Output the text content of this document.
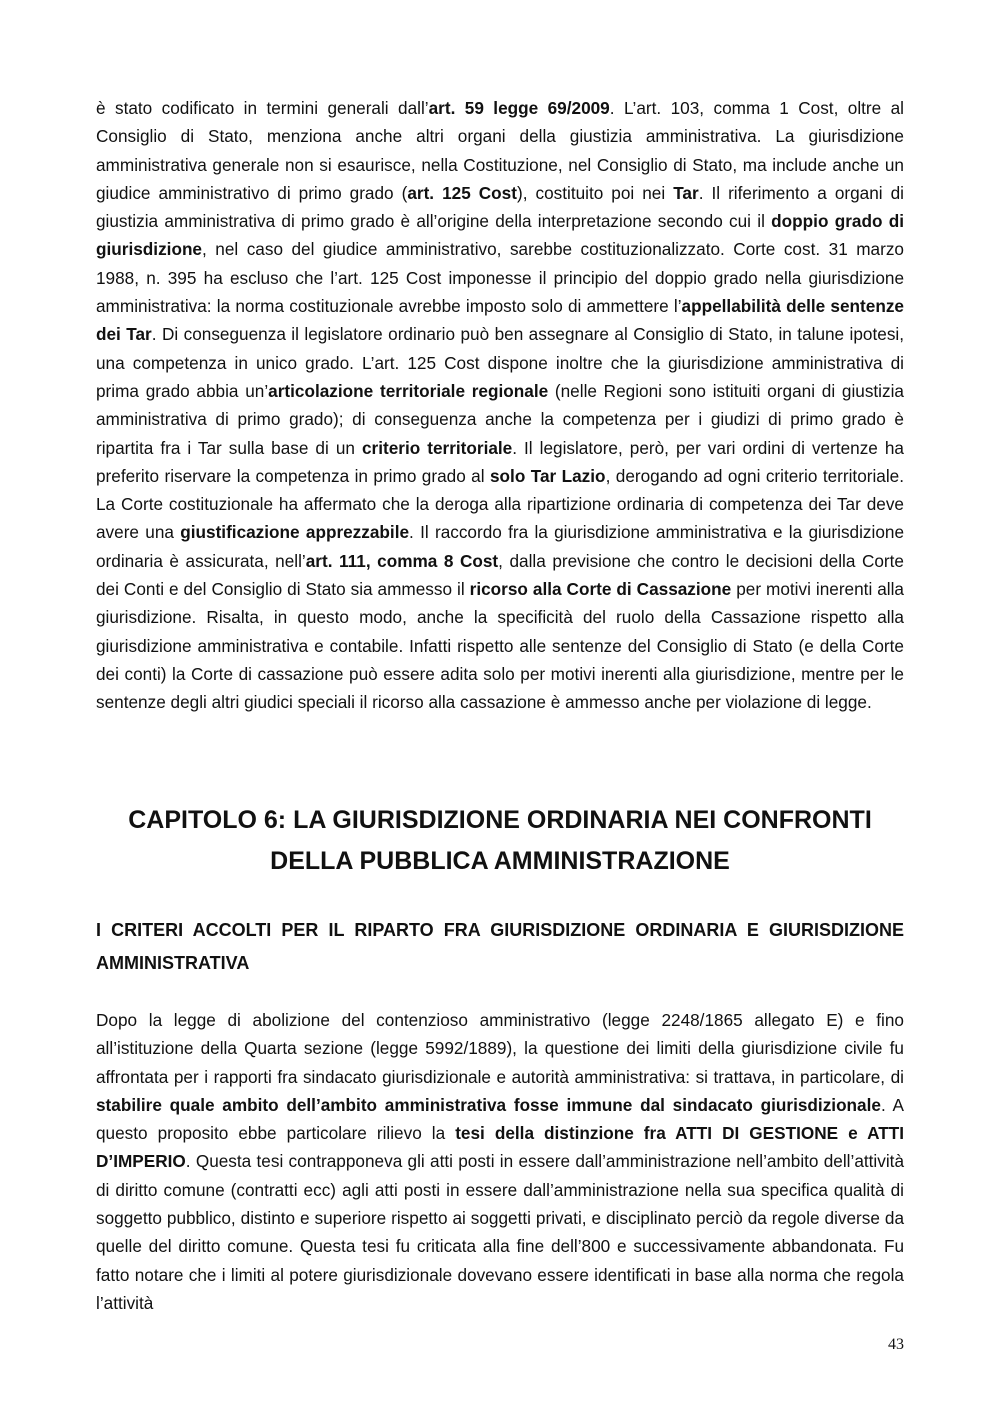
è stato codificato in termini generali dall’art. 59 legge 69/2009. L’art. 103, comma 1 Cost, oltre al Consiglio di Stato, menziona anche altri organi della giustizia amministrativa. La giurisdizione amministrativa generale non si esaurisce, nella Costituzione, nel Consiglio di Stato, ma include anche un giudice amministrativo di primo grado (art. 125 Cost), costituito poi nei Tar. Il riferimento a organi di giustizia amministrativa di primo grado è all’origine della interpretazione secondo cui il doppio grado di giurisdizione, nel caso del giudice amministrativo, sarebbe costituzionalizzato. Corte cost. 31 marzo 1988, n. 395 ha escluso che l’art. 125 Cost imponesse il principio del doppio grado nella giurisdizione amministrativa: la norma costituzionale avrebbe imposto solo di ammettere l’appellabilità delle sentenze dei Tar. Di conseguenza il legislatore ordinario può ben assegnare al Consiglio di Stato, in talune ipotesi, una competenza in unico grado. L’art. 125 Cost dispone inoltre che la giurisdizione amministrativa di prima grado abbia un’articolazione territoriale regionale (nelle Regioni sono istituiti organi di giustizia amministrativa di primo grado); di conseguenza anche la competenza per i giudizi di primo grado è ripartita fra i Tar sulla base di un criterio territoriale. Il legislatore, però, per vari ordini di vertenze ha preferito riservare la competenza in primo grado al solo Tar Lazio, derogando ad ogni criterio territoriale. La Corte costituzionale ha affermato che la deroga alla ripartizione ordinaria di competenza dei Tar deve avere una giustificazione apprezzabile. Il raccordo fra la giurisdizione amministrativa e la giurisdizione ordinaria è assicurata, nell’art. 111, comma 8 Cost, dalla previsione che contro le decisioni della Corte dei Conti e del Consiglio di Stato sia ammesso il ricorso alla Corte di Cassazione per motivi inerenti alla giurisdizione. Risalta, in questo modo, anche la specificità del ruolo della Cassazione rispetto alla giurisdizione amministrativa e contabile. Infatti rispetto alle sentenze del Consiglio di Stato (e della Corte dei conti) la Corte di cassazione può essere adita solo per motivi inerenti alla giurisdizione, mentre per le sentenze degli altri giudici speciali il ricorso alla cassazione è ammesso anche per violazione di legge.

CAPITOLO 6: LA GIURISDIZIONE ORDINARIA NEI CONFRONTI
DELLA PUBBLICA AMMINISTRAZIONE
I CRITERI ACCOLTI PER IL RIPARTO FRA GIURISDIZIONE ORDINARIA E GIURISDIZIONE AMMINISTRATIVA

Dopo la legge di abolizione del contenzioso amministrativo (legge 2248/1865 allegato E) e fino all’istituzione della Quarta sezione (legge 5992/1889), la questione dei limiti della giurisdizione civile fu affrontata per i rapporti fra sindacato giurisdizionale e autorità amministrativa: si trattava, in particolare, di stabilire quale ambito dell’ambito amministrativa fosse immune dal sindacato giurisdizionale. A questo proposito ebbe particolare rilievo la tesi della distinzione fra ATTI DI GESTIONE e ATTI D’IMPERIO. Questa tesi contrapponeva gli atti posti in essere dall’amministrazione nell’ambito dell’attività di diritto comune (contratti ecc) agli atti posti in essere dall’amministrazione nella sua specifica qualità di soggetto pubblico, distinto e superiore rispetto ai soggetti privati, e disciplinato perciò da regole diverse da quelle del diritto comune. Questa tesi fu criticata alla fine dell’800 e successivamente abbandonata. Fu fatto notare che i limiti al potere giurisdizionale dovevano essere identificati in base alla norma che regola l’attività

43
